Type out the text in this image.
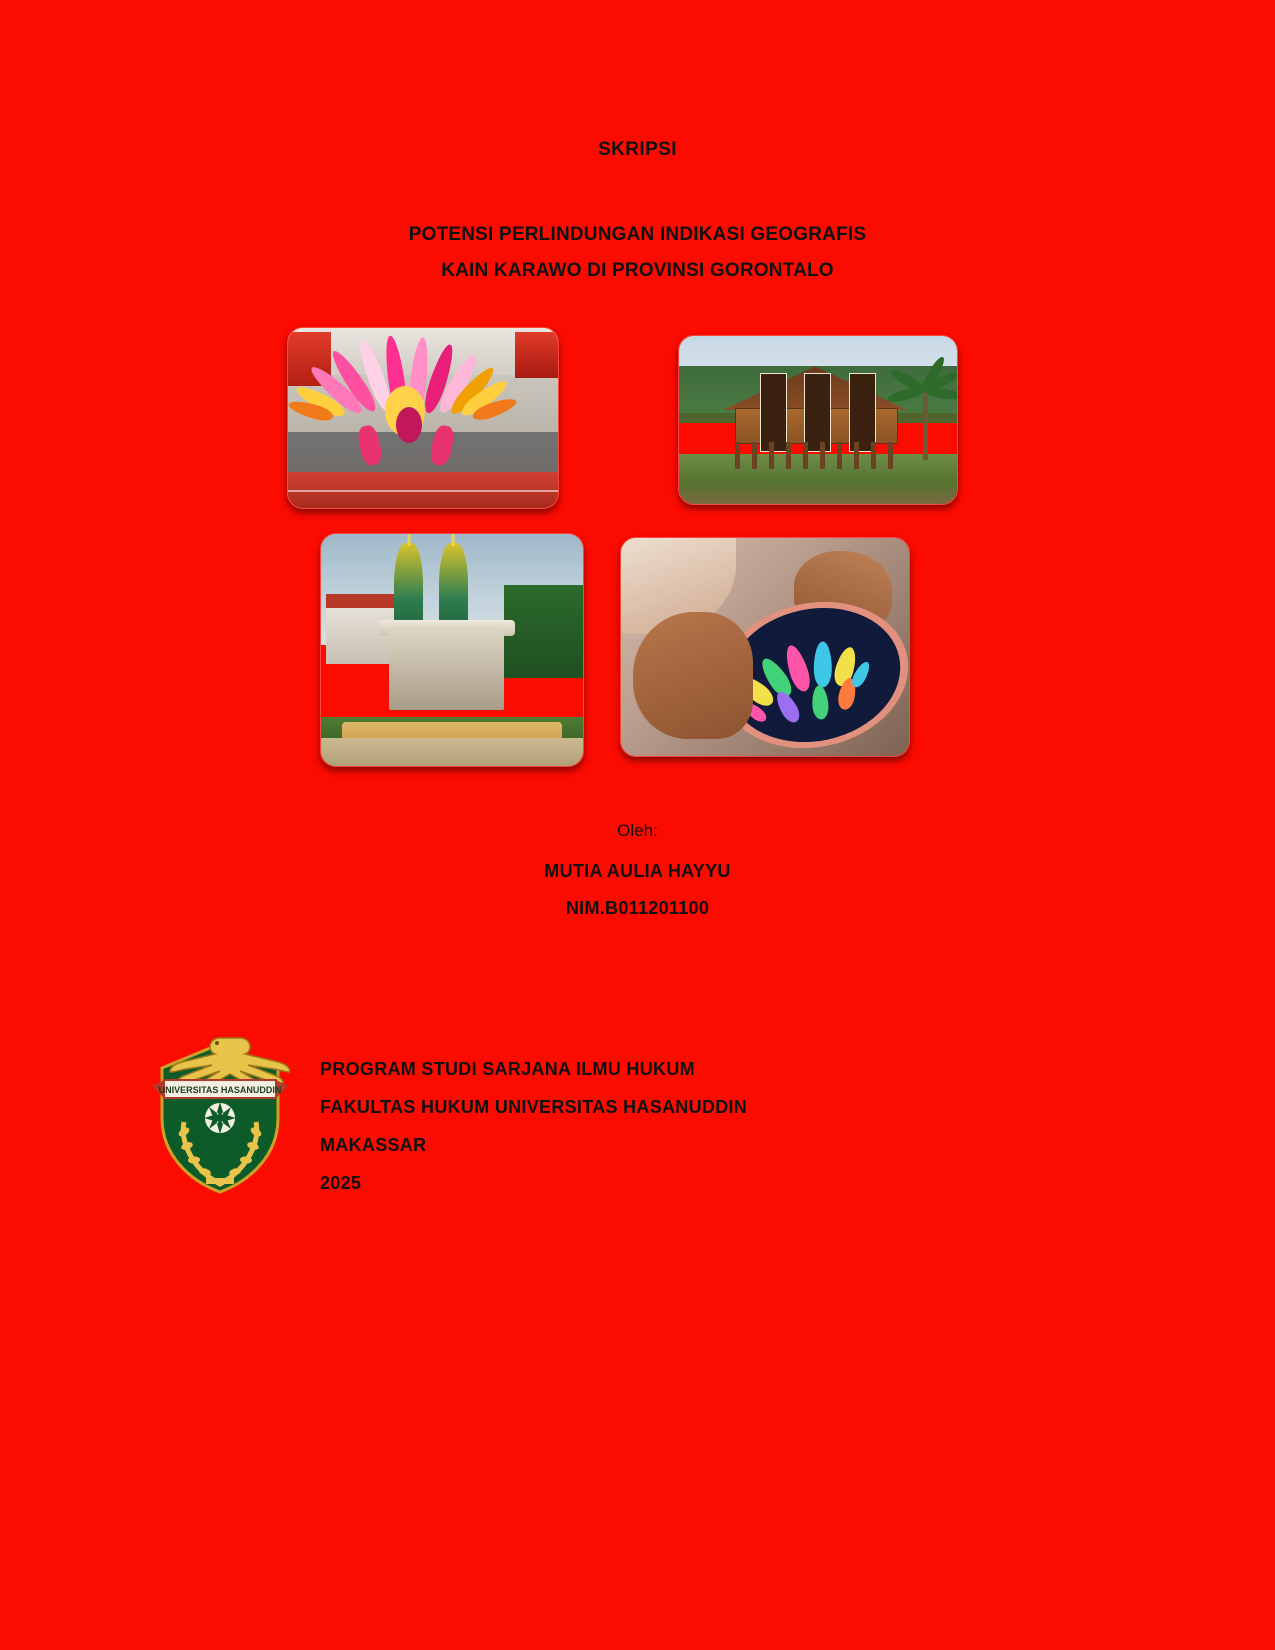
SKRIPSI
POTENSI PERLINDUNGAN INDIKASI GEOGRAFIS
KAIN KARAWO DI PROVINSI GORONTALO
Oleh:
MUTIA AULIA HAYYU
NIM.B011201100
UNIVERSITAS HASANUDDIN
PROGRAM STUDI SARJANA ILMU HUKUM
FAKULTAS HUKUM UNIVERSITAS HASANUDDIN
MAKASSAR
2025
